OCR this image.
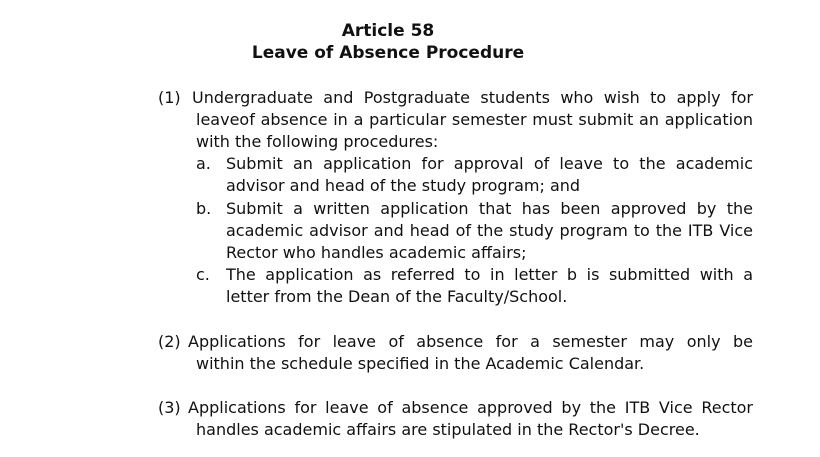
Article 58
Leave of Absence Procedure
(1) Undergraduate and Postgraduate students who wish to apply for
leaveof absence in a particular semester must submit an application
with the following procedures:
a. Submit an application for approval of leave to the academic
advisor and head of the study program; and
b. Submit a written application that has been approved by the
academic advisor and head of the study program to the ITB Vice
Rector who handles academic affairs;
c. The application as referred to in letter b is submitted with a
letter from the Dean of the Faculty/School.
(2) Applications for leave of absence for a semester may only be
within the schedule specified in the Academic Calendar.
(3) Applications for leave of absence approved by the ITB Vice Rector
handles academic affairs are stipulated in the Rector's Decree.
